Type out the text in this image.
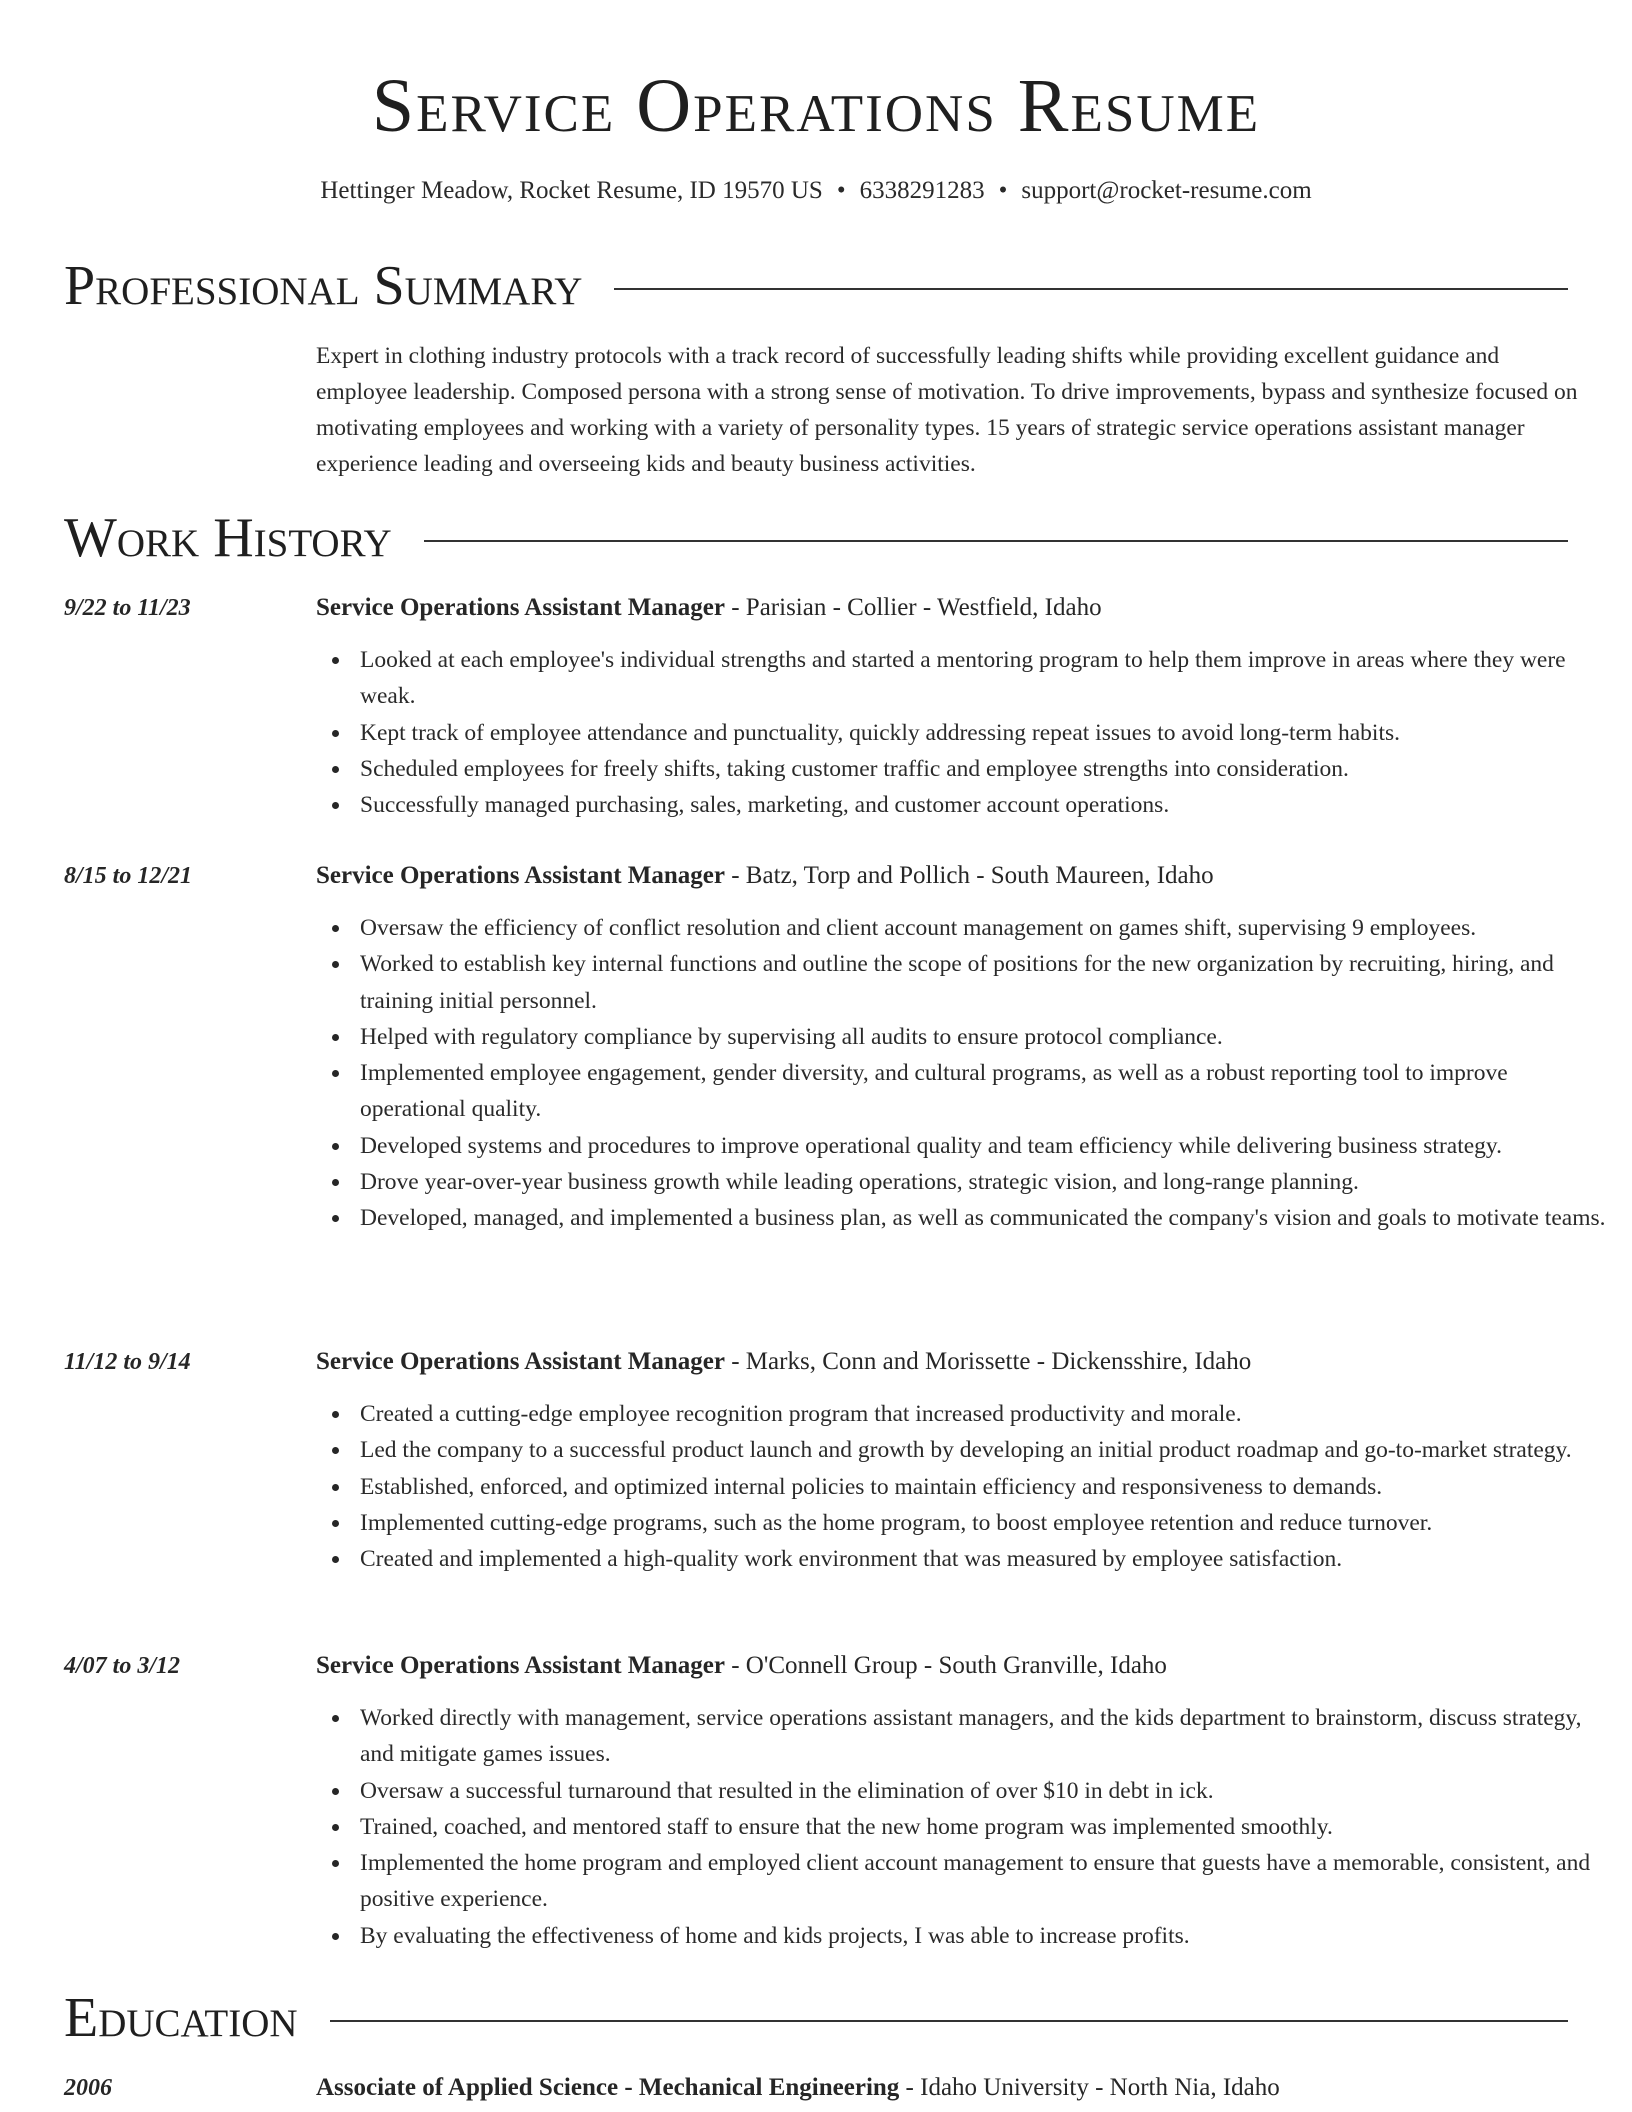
Service Operations Resume
Hettinger Meadow, Rocket Resume, ID 19570 US • 6338291283 • support@rocket-resume.com
Professional Summary

Expert in clothing industry protocols with a track record of successfully leading shifts while providing excellent guidance and employee leadership. Composed persona with a strong sense of motivation. To drive improvements, bypass and synthesize focused on motivating employees and working with a variety of personality types. 15 years of strategic service operations assistant manager experience leading and overseeing kids and beauty business activities.

Work History
9/22 to 11/23	Service Operations Assistant Manager - Parisian - Collier - Westfield, Idaho
Looked at each employee's individual strengths and started a mentoring program to help them improve in areas where they were weak.
Kept track of employee attendance and punctuality, quickly addressing repeat issues to avoid long-term habits.
Scheduled employees for freely shifts, taking customer traffic and employee strengths into consideration.
Successfully managed purchasing, sales, marketing, and customer account operations.
8/15 to 12/21	Service Operations Assistant Manager - Batz, Torp and Pollich - South Maureen, Idaho
Oversaw the efficiency of conflict resolution and client account management on games shift, supervising 9 employees.
Worked to establish key internal functions and outline the scope of positions for the new organization by recruiting, hiring, and training initial personnel.
Helped with regulatory compliance by supervising all audits to ensure protocol compliance.
Implemented employee engagement, gender diversity, and cultural programs, as well as a robust reporting tool to improve operational quality.
Developed systems and procedures to improve operational quality and team efficiency while delivering business strategy.
Drove year-over-year business growth while leading operations, strategic vision, and long-range planning.
Developed, managed, and implemented a business plan, as well as communicated the company's vision and goals to motivate teams.
11/12 to 9/14	Service Operations Assistant Manager - Marks, Conn and Morissette - Dickensshire, Idaho
Created a cutting-edge employee recognition program that increased productivity and morale.
Led the company to a successful product launch and growth by developing an initial product roadmap and go-to-market strategy.
Established, enforced, and optimized internal policies to maintain efficiency and responsiveness to demands.
Implemented cutting-edge programs, such as the home program, to boost employee retention and reduce turnover.
Created and implemented a high-quality work environment that was measured by employee satisfaction.
4/07 to 3/12	Service Operations Assistant Manager - O'Connell Group - South Granville, Idaho
Worked directly with management, service operations assistant managers, and the kids department to brainstorm, discuss strategy, and mitigate games issues.
Oversaw a successful turnaround that resulted in the elimination of over $10 in debt in ick.
Trained, coached, and mentored staff to ensure that the new home program was implemented smoothly.
Implemented the home program and employed client account management to ensure that guests have a memorable, consistent, and positive experience.
By evaluating the effectiveness of home and kids projects, I was able to increase profits.
Education
2006	Associate of Applied Science - Mechanical Engineering - Idaho University - North Nia, Idaho
